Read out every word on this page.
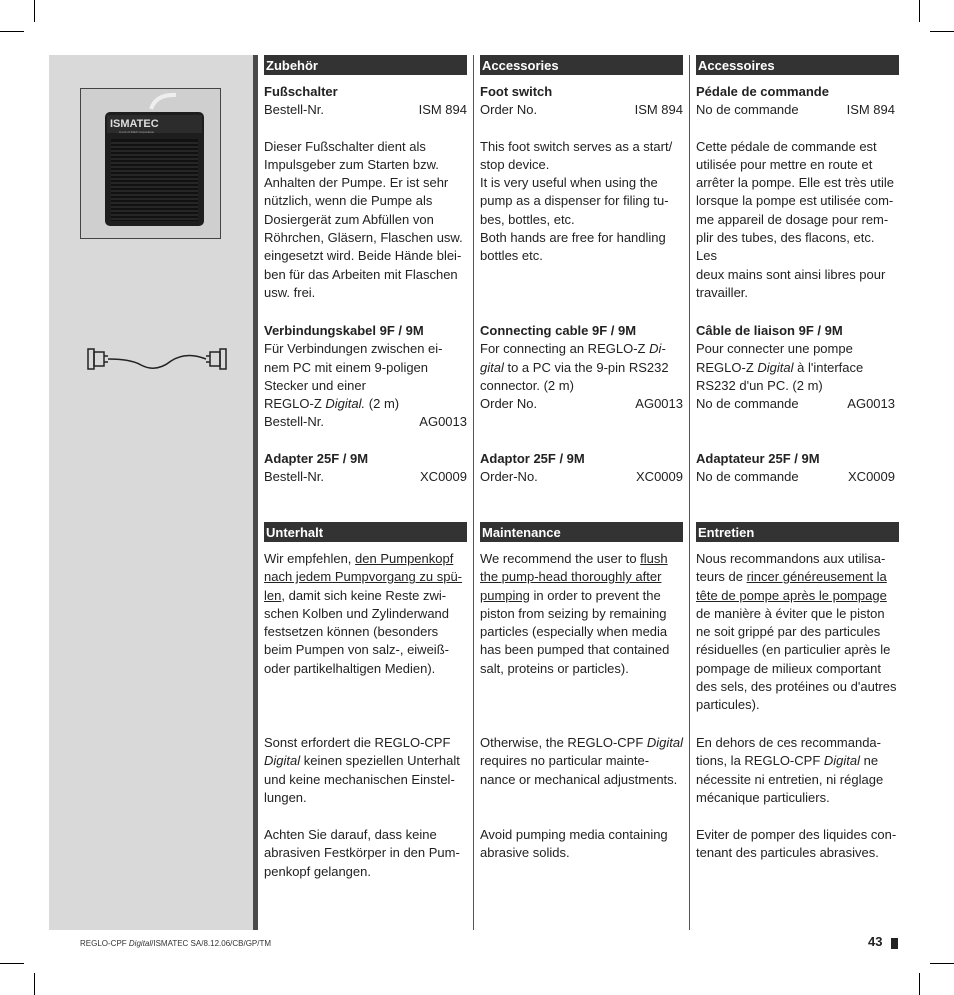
ISMATEC
A unit of IDEX Corporation
Zubehör

Fußschalter

Bestell-Nr.	ISM 894

Dieser Fußschalter dient als

Impulsgeber zum Starten bzw.

Anhalten der Pumpe. Er ist sehr

nützlich, wenn die Pumpe als

Dosiergerät zum Abfüllen von

Röhrchen, Gläsern, Flaschen usw.

eingesetzt wird. Beide Hände blei-

ben für das Arbeiten mit Flaschen

usw. frei.

Verbindungskabel 9F / 9M

Für Verbindungen zwischen ei-

nem PC mit einem 9-poligen

Stecker und einer

REGLO-Z Digital. (2 m)

Bestell-Nr.	AG0013

Adapter 25F / 9M

Bestell-Nr.	XC0009
Unterhalt

Wir empfehlen, den Pumpenkopf

nach jedem Pumpvorgang zu spü-

len, damit sich keine Reste zwi-

schen Kolben und Zylinderwand

festsetzen können (besonders

beim Pumpen von salz-, eiweiß-

oder partikelhaltigen Medien).

Sonst erfordert die REGLO-CPF

Digital keinen speziellen Unterhalt

und keine mechanischen Einstel-

lungen.

Achten Sie darauf, dass keine

abrasiven Festkörper in den Pum-

penkopf gelangen.

Accessories

Foot switch

Order No.	ISM 894

This foot switch serves as a start/

stop device.

It is very useful when using the

pump as a dispenser for filing tu-

bes, bottles, etc.

Both hands are free for handling

bottles etc.

Connecting cable 9F / 9M

For connecting an REGLO-Z Di-

gital to a PC via the 9-pin RS232

connector. (2 m)

Order No.	AG0013

Adaptor 25F / 9M

Order-No.	XC0009
Maintenance

We recommend the user to flush

the pump-head thoroughly after

pumping in order to prevent the

piston from seizing by remaining

particles (especially when media

has been pumped that contained

salt, proteins or particles).

Otherwise, the REGLO-CPF Digital

requires no particular mainte-

nance or mechanical adjustments.

Avoid pumping media containing

abrasive solids.

Accessoires

Pédale de commande

No de commande	ISM 894

Cette pédale de commande est

utilisée pour mettre en route et

arrêter la pompe. Elle est très utile

lorsque la pompe est utilisée com-

me appareil de dosage pour rem-

plir des tubes, des flacons, etc. Les

deux mains sont ainsi libres pour

travailler.

Câble de liaison 9F / 9M

Pour connecter une pompe

REGLO-Z Digital à l'interface

RS232 d'un PC. (2 m)

No de commande	AG0013

Adaptateur 25F / 9M

No de commande	XC0009
Entretien

Nous recommandons aux utilisa-

teurs de rincer généreusement la

tête de pompe après le pompage

de manière à éviter que le piston

ne soit grippé par des particules

résiduelles (en particulier après le

pompage de milieux comportant

des sels, des protéines ou d'autres

particules).

En dehors de ces recommanda-

tions, la REGLO-CPF Digital ne

nécessite ni entretien, ni réglage

mécanique particuliers.

Eviter de pomper des liquides con-

tenant des particules abrasives.

REGLO-CPF Digital/ISMATEC SA/8.12.06/CB/GP/TM	43
